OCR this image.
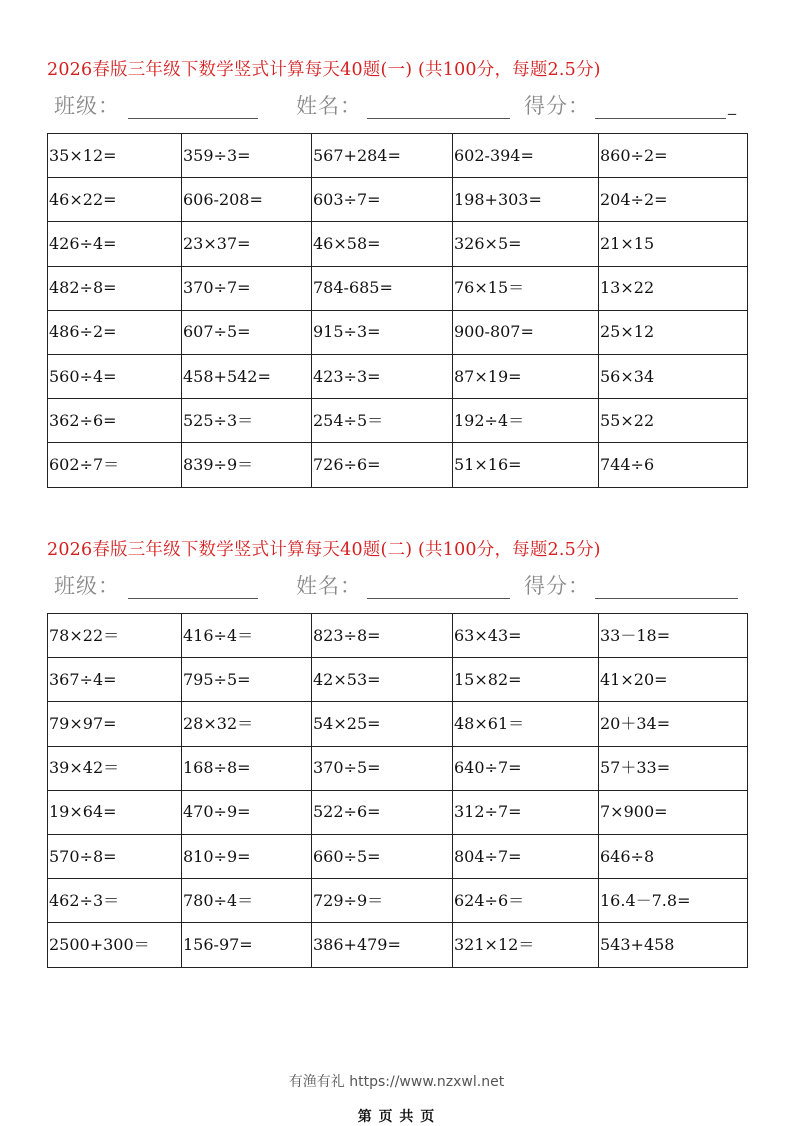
2026春版三年级下数学竖式计算每天40题(一) (共100分，每题2.5分)
班级：	姓名：	得分：	_
35×12=	359÷3=	567+284=	602-394=	860÷2=
46×22=	606-208=	603÷7=	198+303=	204÷2=
426÷4=	23×37=	46×58=	326×5=	21×15
482÷8=	370÷7=	784-685=	76×15＝	13×22
486÷2=	607÷5=	915÷3=	900-807=	25×12
560÷4=	458+542=	423÷3=	87×19=	56×34
362÷6=	525÷3＝	254÷5＝	192÷4＝	55×22
602÷7＝	839÷9＝	726÷6=	51×16=	744÷6
2026春版三年级下数学竖式计算每天40题(二) (共100分，每题2.5分)
班级：	姓名：	得分：
78×22＝	416÷4＝	823÷8=	63×43=	33－18=
367÷4=	795÷5=	42×53=	15×82=	41×20=
79×97=	28×32＝	54×25=	48×61＝	20＋34=
39×42＝	168÷8=	370÷5=	640÷7=	57＋33=
19×64=	470÷9=	522÷6=	312÷7=	7×900=
570÷8=	810÷9=	660÷5=	804÷7=	646÷8
462÷3＝	780÷4＝	729÷9＝	624÷6＝	16.4－7.8=
2500+300＝	156-97=	386+479=	321×12＝	543+458
有渔有礼 https://www.nzxwl.net
第 页 共 页
